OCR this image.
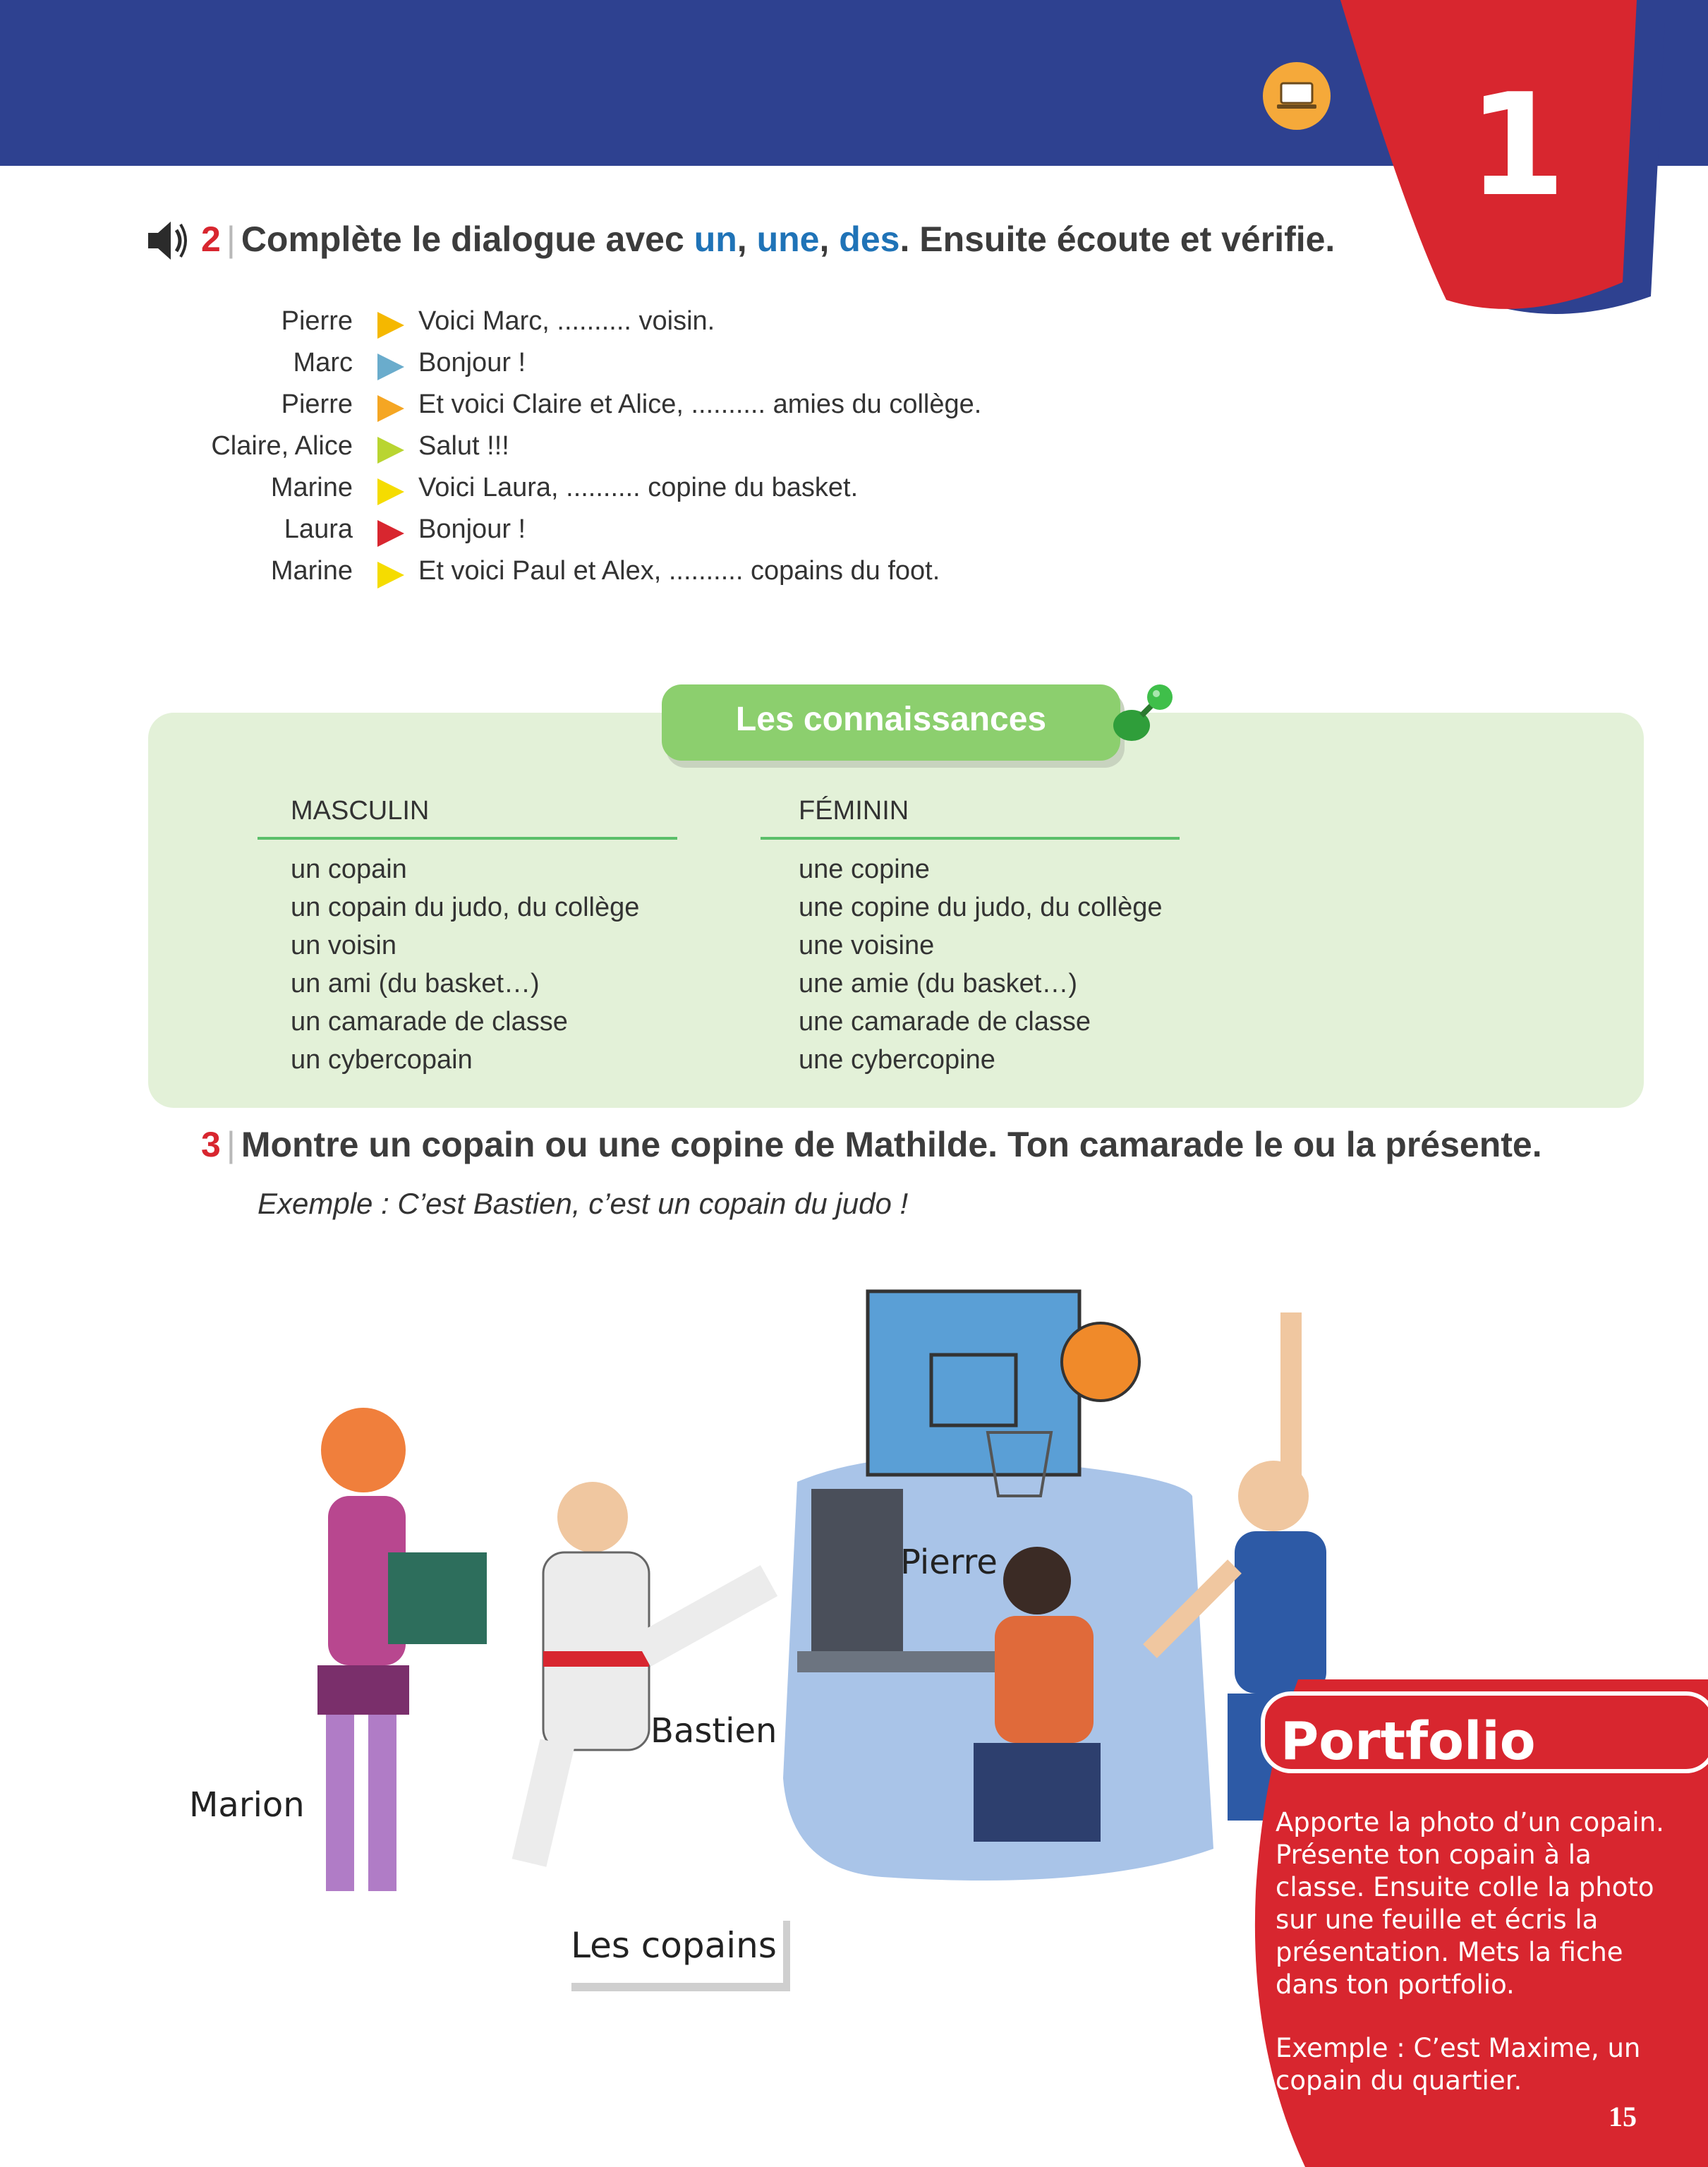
1
2 | Complète le dialogue avec un, une, des. Ensuite écoute et vérifie.
Pierre Voici Marc, .......... voisin.
Marc Bonjour !
Pierre Et voici Claire et Alice, .......... amies du collège.
Claire, Alice Salut !!!
Marine Voici Laura, .......... copine du basket.
Laura Bonjour !
Marine Et voici Paul et Alex, .......... copains du foot.
Les connaissances
MASCULIN
un copain
un copain du judo, du collège
un voisin
un ami (du basket…)
un camarade de classe
un cybercopain
FÉMININ
une copine
une copine du judo, du collège
une voisine
une amie (du basket…)
une camarade de classe
une cybercopine
3 | Montre un copain ou une copine de Mathilde. Ton camarade le ou la présente.
Exemple : C’est Bastien, c’est un copain du judo !
Marion
Bastien
Pierre
Les copains
Portfolio
Apporte la photo d’un copain. Présente ton copain à la classe. Ensuite colle la photo sur une feuille et écris la présentation. Mets la fiche dans ton portfolio.
Exemple : C’est Maxime, un copain du quartier.
15
